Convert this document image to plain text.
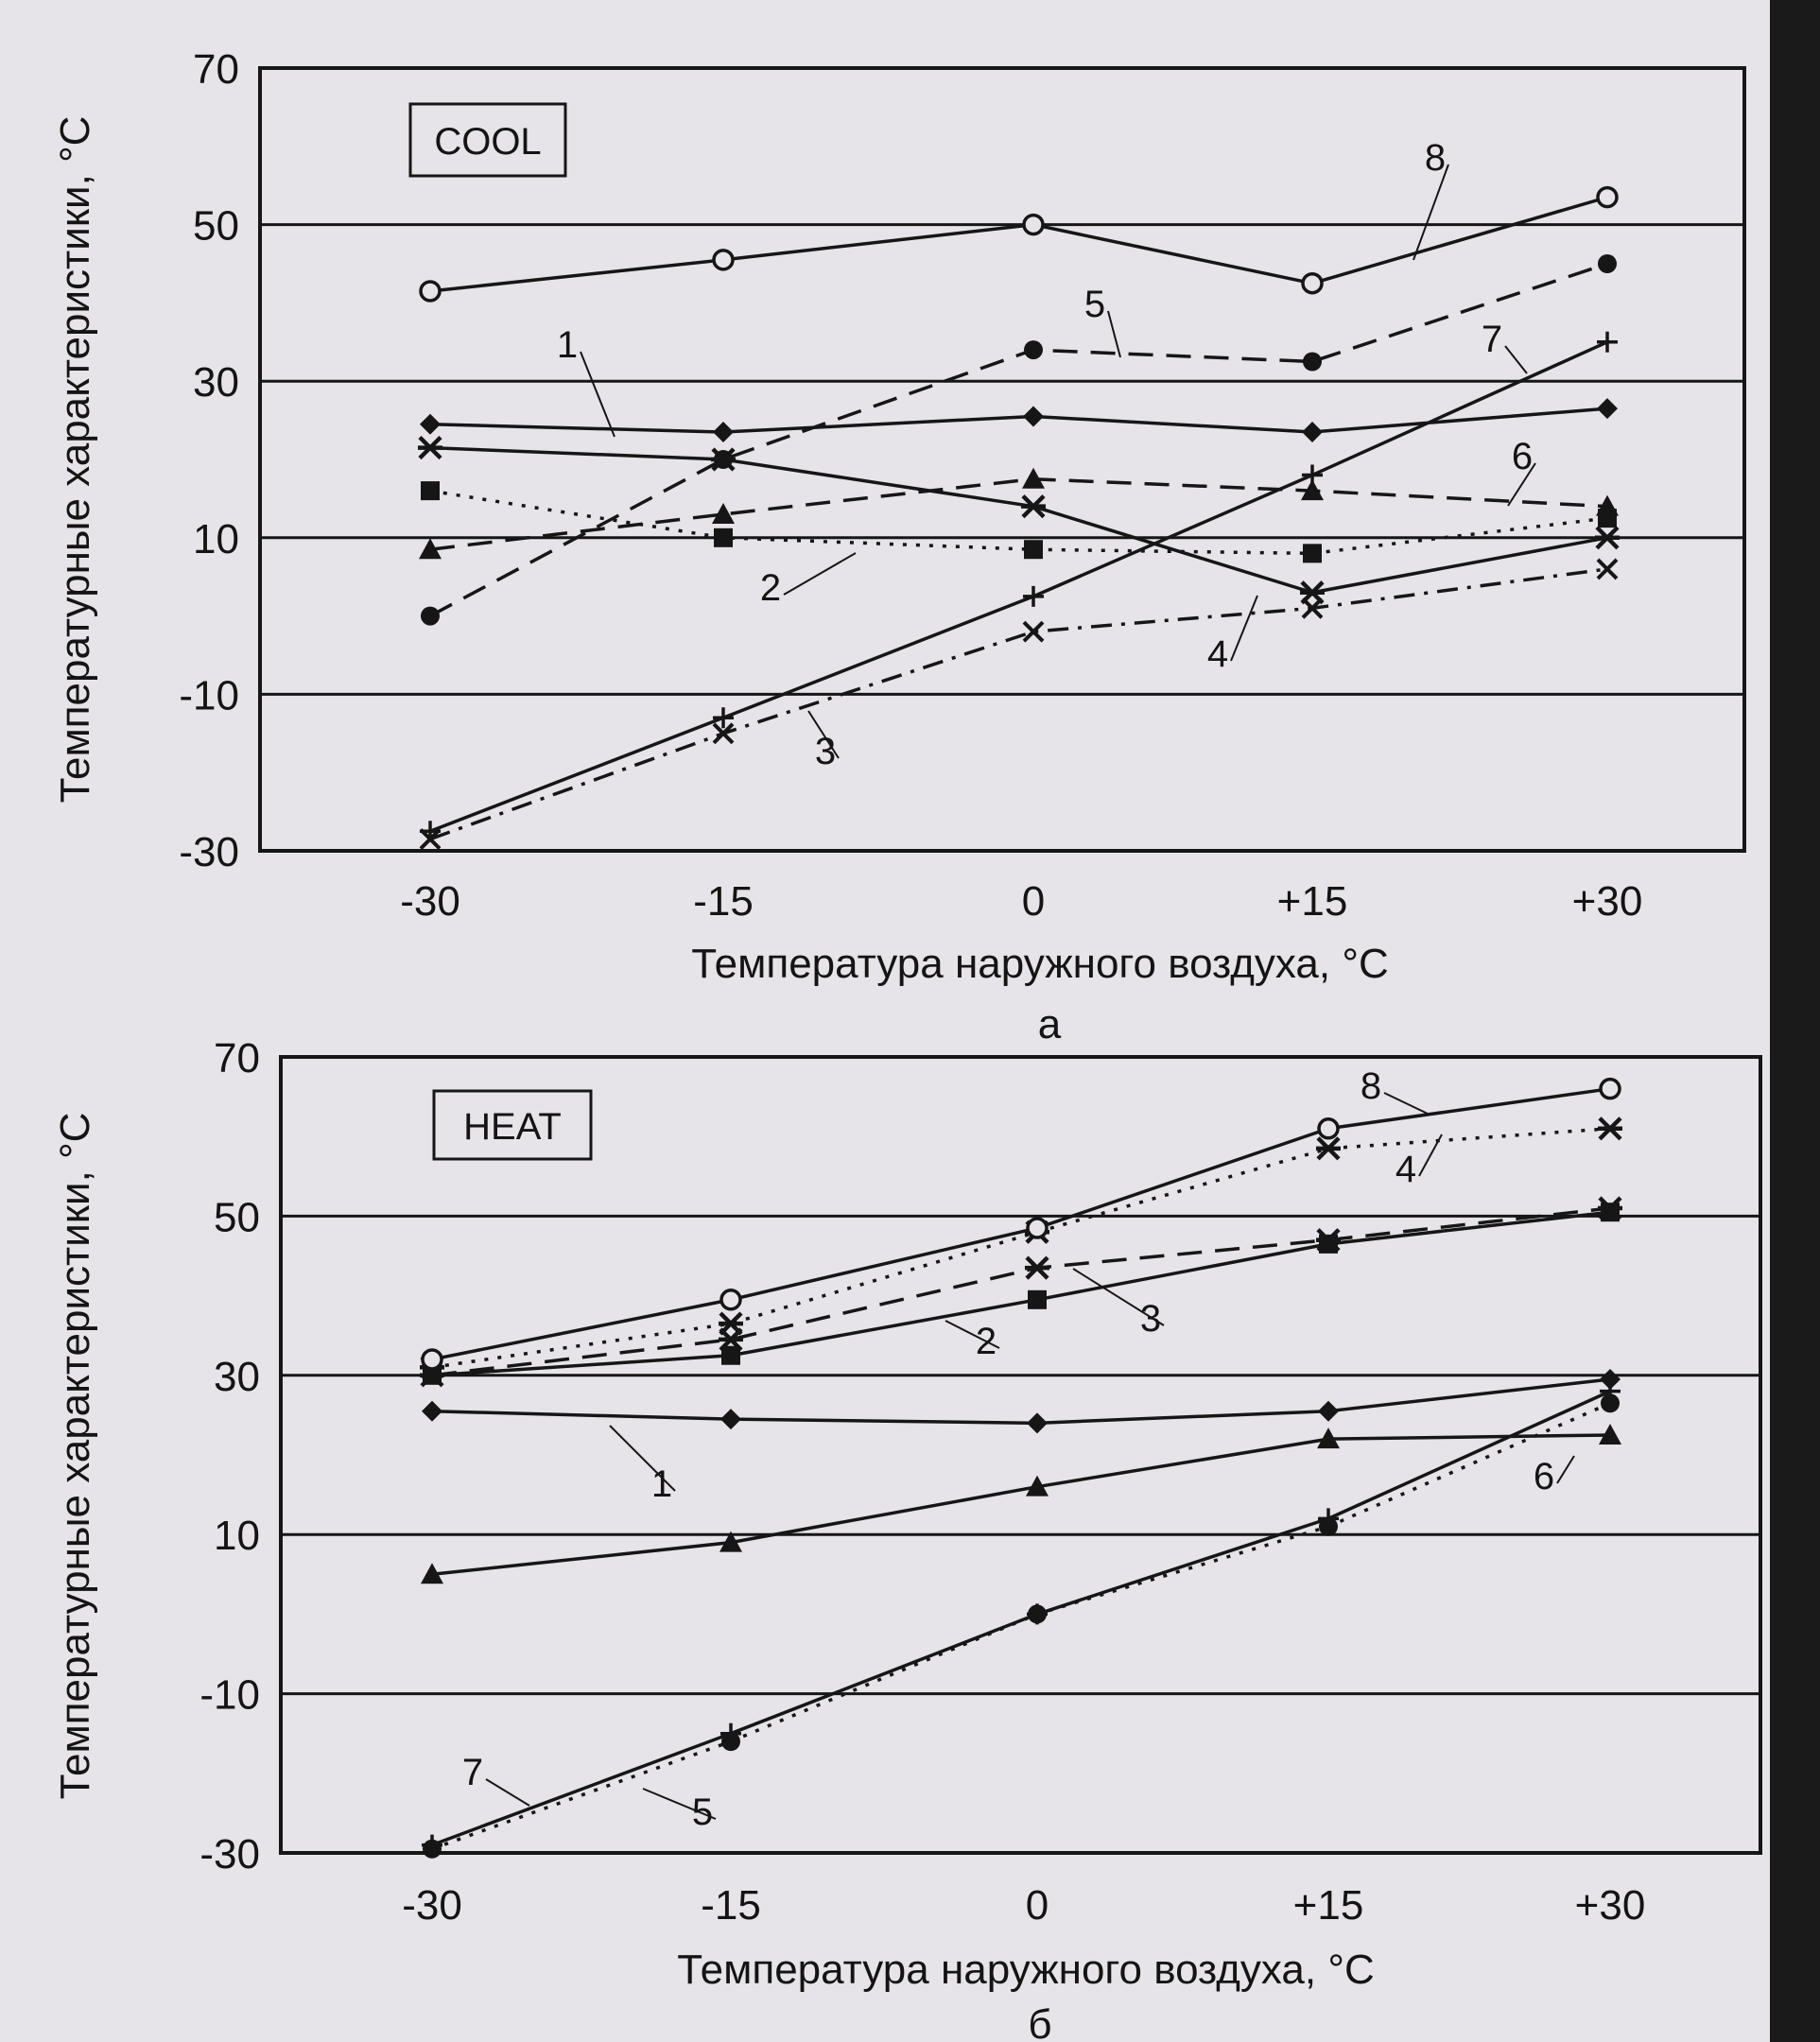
70
50
30
10
-10
-30
-30	-15	0	+15	+30
1
2
3
4
5
6
7
8
COOL
Температура наружного воздуха, °C
Температурные характеристики, °C
а
70
50
30
10
-10
-30
-30	-15	0	+15	+30
1
2
3
4
5
6
7
8
HEAT
Температура наружного воздуха, °C
Температурные характеристики, °C
б
